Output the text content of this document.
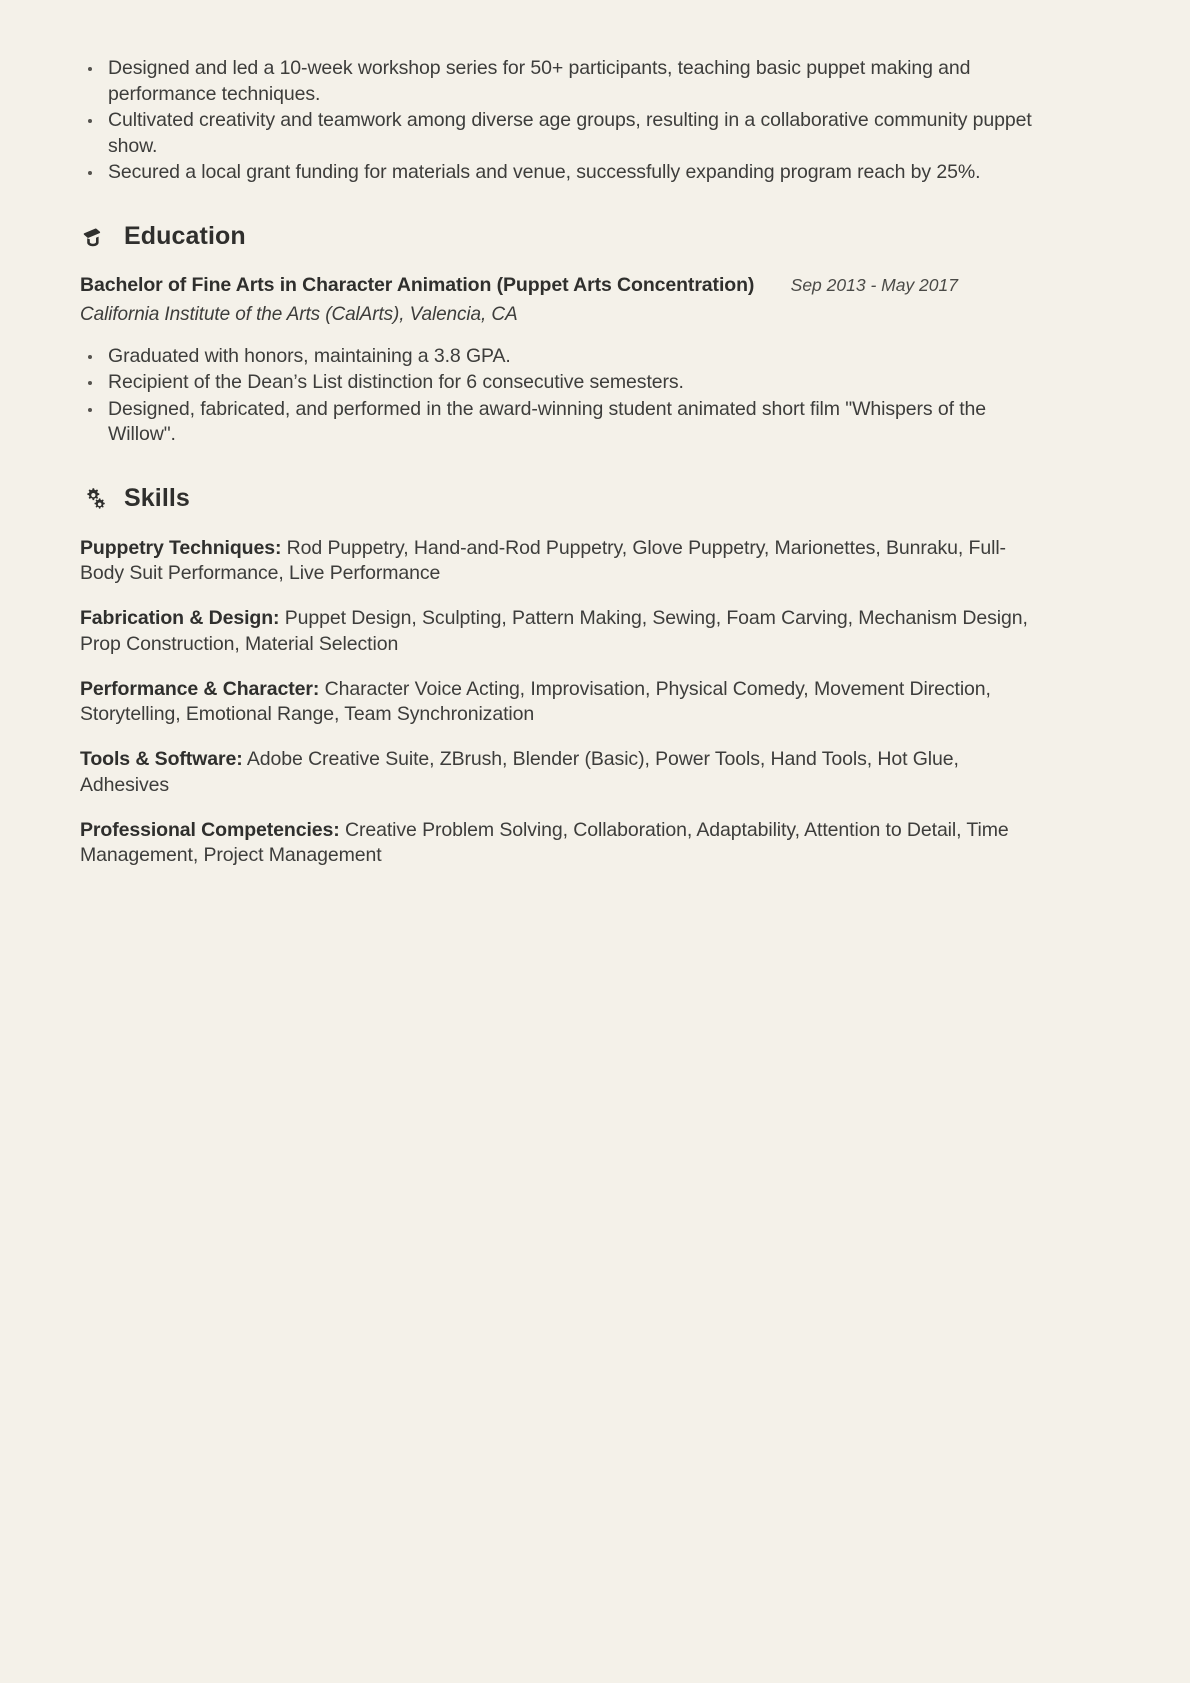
Designed and led a 10-week workshop series for 50+ participants, teaching basic puppet making and performance techniques.
Cultivated creativity and teamwork among diverse age groups, resulting in a collaborative community puppet show.
Secured a local grant funding for materials and venue, successfully expanding program reach by 25%.
Education
Bachelor of Fine Arts in Character Animation (Puppet Arts Concentration)	Sep 2013 - May 2017
California Institute of the Arts (CalArts), Valencia, CA
Graduated with honors, maintaining a 3.8 GPA.
Recipient of the Dean’s List distinction for 6 consecutive semesters.
Designed, fabricated, and performed in the award-winning student animated short film "Whispers of the Willow".
Skills

Puppetry Techniques: Rod Puppetry, Hand-and-Rod Puppetry, Glove Puppetry, Marionettes, Bunraku, Full-Body Suit Performance, Live Performance

Fabrication & Design: Puppet Design, Sculpting, Pattern Making, Sewing, Foam Carving, Mechanism Design, Prop Construction, Material Selection

Performance & Character: Character Voice Acting, Improvisation, Physical Comedy, Movement Direction, Storytelling, Emotional Range, Team Synchronization

Tools & Software: Adobe Creative Suite, ZBrush, Blender (Basic), Power Tools, Hand Tools, Hot Glue, Adhesives

Professional Competencies: Creative Problem Solving, Collaboration, Adaptability, Attention to Detail, Time Management, Project Management
